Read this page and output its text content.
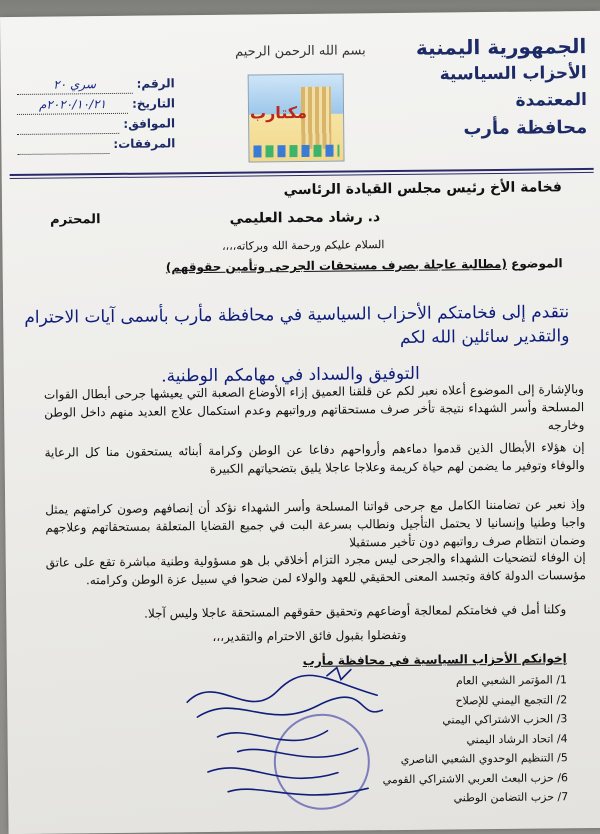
الجمهورية اليمنية
الأحزاب السياسية المعتمدة
محافظة مأرب
بسم الله الرحمن الرحيم
مكتارب
الرقم:
سري ٢٠
التاريخ:
٢٠٢٠/١٠/٢١م
الموافق:
المرفقات:
فخامة الأخ رئيس مجلس القيادة الرئاسي
د. رشاد محمد العليمي
المحترم
السلام عليكم ورحمة الله وبركاته،،،،
الموضوع (مطالبة عاجلة بصرف مستحقات الجرحى وتأمين حقوقهم)
نتقدم إلى فخامتكم الأحزاب السياسية في محافظة مأرب بأسمى آيات الاحترام والتقدير سائلين الله لكم
التوفيق والسداد في مهامكم الوطنية.
وبالإشارة إلى الموضوع أعلاه نعبر لكم عن قلقنا العميق إزاء الأوضاع الصعبة التي يعيشها جرحى أبطال القوات المسلحة وأسر الشهداء نتيجة تأخر صرف مستحقاتهم ورواتبهم وعدم استكمال علاج العديد منهم داخل الوطن وخارجه
إن هؤلاء الأبطال الذين قدموا دماءهم وأرواحهم دفاعا عن الوطن وكرامة أبنائه يستحقون منا كل الرعاية والوفاء وتوفير ما يضمن لهم حياة كريمة وعلاجا عاجلا يليق بتضحياتهم الكبيرة
وإذ نعبر عن تضامننا الكامل مع جرحى قواتنا المسلحة وأسر الشهداء نؤكد أن إنصافهم وصون كرامتهم يمثل واجبا وطنيا وإنسانيا لا يحتمل التأجيل ونطالب بسرعة البت في جميع القضايا المتعلقة بمستحقاتهم وعلاجهم وضمان انتظام صرف رواتبهم دون تأخير مستقبلا
إن الوفاء لتضحيات الشهداء والجرحى ليس مجرد التزام أخلاقي بل هو مسؤولية وطنية مباشرة تقع على عاتق مؤسسات الدولة كافة وتجسد المعنى الحقيقي للعهد والولاء لمن ضحوا في سبيل عزة الوطن وكرامته.
وكلنا أمل في فخامتكم لمعالجة أوضاعهم وتحقيق حقوقهم المستحقة عاجلا وليس آجلا.
وتفضلوا بقبول فائق الاحترام والتقدير،،،
إخوانكم الأحزاب السياسية في محافظة مأرب
1/ المؤتمر الشعبي العام
2/ التجمع اليمني للإصلاح
3/ الحزب الاشتراكي اليمني
4/ اتحاد الرشاد اليمني
5/ التنظيم الوحدوي الشعبي الناصري
6/ حزب البعث العربي الاشتراكي القومي
7/ حزب التضامن الوطني
